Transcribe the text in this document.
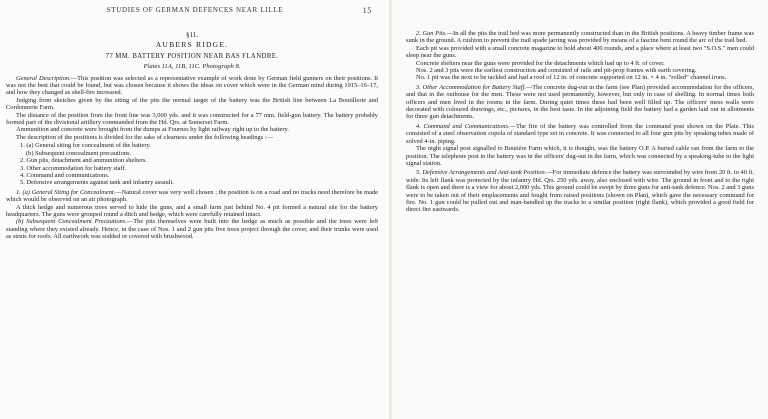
STUDIES OF GERMAN DEFENCES NEAR LILLE	15
§11.
AUBERS RIDGE.
77 MM. BATTERY POSITION NEAR BAS FLANDRE.
Plates 11A, 11B, 11C. Photograph 8.

General Description.—This position was selected as a representative example of work done by German field gunners on their positions. It was not the best that could be found, but was chosen because it shows the ideas on cover which were in the German mind during 1915–16–17, and how they changed as shell-fire increased.

Judging from sketches given by the siting of the pits the normal target of the battery was the British line between La Boutillerie and Cordonnerie Farm.

The distance of the position from the front line was 3,000 yds. and it was constructed for a 77 mm. field-gun battery. The battery probably formed part of the divisional artillery commanded from the Hd. Qrs. at Somerset Farm.

Ammunition and concrete were brought from the dumps at Fournes by light railway right up to the battery.

The description of the positions is divided for the sake of clearness under the following headings :—

1. (a) General siting for concealment of the battery.
(b) Subsequent concealment precautions.
2. Gun pits, detachment and ammunition shelters.
3. Other accommodation for battery staff.
4. Command and communications.
5. Defensive arrangements against tank and infantry assault.

1. (a) General Siting for Concealment.—Natural cover was very well chosen ; the position is on a road and no tracks need therefore be made which would be observed on an air photograph.

A thick hedge and numerous trees served to hide the guns, and a small farm just behind No. 4 pit formed a natural site for the battery headquarters. The guns were grouped round a ditch and hedge, which were carefully retained intact.

(b) Subsequent Concealment Precautions.—The pits themselves were built into the hedge as much as possible and the trees were left standing where they existed already. Hence, in the case of Nos. 1 and 2 gun pits five trees project through the cover, and their trunks were used as struts for roofs. All earthwork was sodded or covered with brushwood.

2. Gun Pits.—In all the pits the trail bed was more permanently constructed than in the British positions. A heavy timber frame was sunk in the ground. A cushion to prevent the trail spade jarring was provided by means of a fascine bent round the arc of the trail bed.

Each pit was provided with a small concrete magazine to hold about 400 rounds, and a place where at least two "S.O.S." men could sleep near the guns.

Concrete shelters near the guns were provided for the detachments which had up to 4 ft. of cover.

Nos. 2 and 3 pits were the earliest construction and consisted of rails and pit-prop frames with earth covering.

No. 1 pit was the next to be tackled and had a roof of 12 in. of concrete supported on 12 in. × 4 in. "rolled" channel irons.

3. Other Accommodation for Battery Staff.—The concrete dug-out in the farm (see Plan) provided accommodation for the officers, and that in the outhouse for the men. These were not used permanently, however, but only in case of shelling. In normal times both officers and men lived in the rooms in the farm. During quiet times these had been well filled up. The officers' mess walls were decorated with coloured drawings, etc., pictures, in the best taste. In the adjoining field the battery had a garden laid out in allotments for three gun detachments.

4. Command and Communications.—The fire of the battery was controlled from the command post shown on the Plate. This consisted of a steel observation cupola of standard type set in concrete. It was connected to all four gun pits by speaking tubes made of solved 4-in. piping.

The night signal post signalled to Boutière Farm which, it is thought, was the battery O.P. A buried cable ran from the farm to the position. The telephone post in the battery was in the officers' dug-out in the farm, which was connected by a speaking-tube to the light signal station.

5. Defensive Arrangements and Anti-tank Position.—For immediate defence the battery was surrounded by wire from 20 ft. to 40 ft. wide. Its left flank was protected by the infantry Hd. Qrs. 250 yds. away, also enclosed with wire. The ground in front and to the right flank is open and there is a view for about 2,000 yds. This ground could be swept by three guns for anti-tank defence. Nos. 2 and 3 guns were to be taken out of their emplacements and fought from raised positions (shown on Plan), which gave the necessary command for fire. No. 1 gun could be pulled out and man-handled up the tracks to a similar position (right flank), which provided a good field for direct fire eastwards.
